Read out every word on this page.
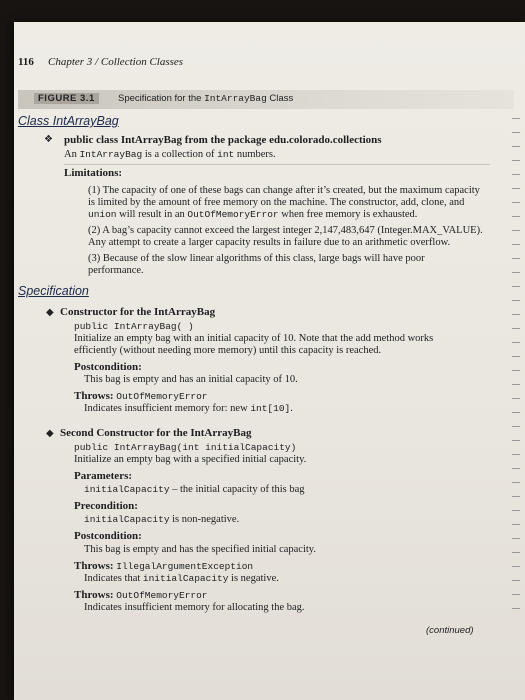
116 Chapter 3 / Collection Classes
FIGURE 3.1	Specification for the IntArrayBag Class
Class IntArrayBag
❖ public class IntArrayBag from the package edu.colorado.collections
An IntArrayBag is a collection of int numbers.
Limitations:
(1) The capacity of one of these bags can change after it’s created, but the maximum capacity
is limited by the amount of free memory on the machine. The constructor, add, clone, and
union will result in an OutOfMemoryError when free memory is exhausted.
(2) A bag’s capacity cannot exceed the largest integer 2,147,483,647 (Integer.MAX_VALUE).
Any attempt to create a larger capacity results in failure due to an arithmetic overflow.
(3) Because of the slow linear algorithms of this class, large bags will have poor
performance.
Specification
◆ Constructor for the IntArrayBag
public IntArrayBag( )
Initialize an empty bag with an initial capacity of 10. Note that the add method works
efficiently (without needing more memory) until this capacity is reached.
Postcondition:
This bag is empty and has an initial capacity of 10.
Throws: OutOfMemoryError
Indicates insufficient memory for: new int[10].
◆ Second Constructor for the IntArrayBag
public IntArrayBag(int initialCapacity)
Initialize an empty bag with a specified initial capacity.
Parameters:
initialCapacity – the initial capacity of this bag
Precondition:
initialCapacity is non-negative.
Postcondition:
This bag is empty and has the specified initial capacity.
Throws: IllegalArgumentException
Indicates that initialCapacity is negative.
Throws: OutOfMemoryError
Indicates insufficient memory for allocating the bag.
(continued)
